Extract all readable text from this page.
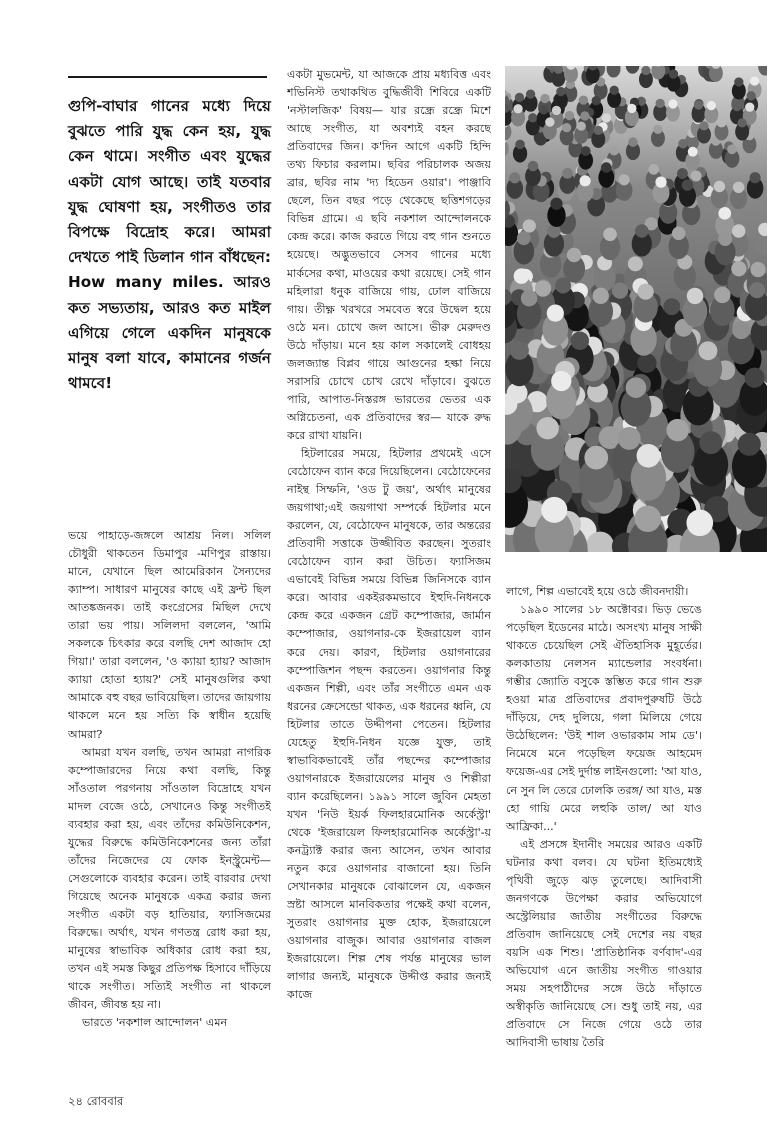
গুপি-বাঘার গানের মধ্যে দিয়ে বুঝতে পারি যুদ্ধ কেন হয়, যুদ্ধ কেন থামে। সংগীত এবং যুদ্ধের একটা যোগ আছে। তাই যতবার যুদ্ধ ঘোষণা হয়, সংগীতও তার বিপক্ষে বিদ্রোহ করে। আমরা দেখতে পাই ডিলান গান বাঁধছেন: How many miles. আরও কত সভ্যতায়, আরও কত মাইল এগিয়ে গেলে একদিন মানুষকে মানুষ বলা যাবে, কামানের গর্জন থামবে!

ভয়ে পাহাড়ে-জঙ্গলে আশ্রয় নিল। সলিল চৌধুরী থাকতেন ডিমাপুর -মণিপুর রাস্তায়। মানে, যেখানে ছিল আমেরিকান সৈন্যদের ক্যাম্প। সাধারণ মানুষের কাছে এই ফ্রন্ট ছিল আতঙ্কজনক। তাই কংগ্রেসের মিছিল দেখে তারা ভয় পায়। সলিলদা বললেন, 'আমি সকলকে চিৎকার করে বলছি দেশ আজাদ হো গিয়া।' তারা বললেন, 'ও ক্যায়া হ্যায়? আজাদ ক্যায়া হোতা হ্যায়?' সেই মানুষগুলির কথা আমাকে বহু বছর ভাবিয়েছিল। তাদের জায়গায় থাকলে মনে হয় সত্যি কি স্বাধীন হয়েছি আমরা?

আমরা যখন বলছি, তখন আমরা নাগরিক কম্পোজারদের নিয়ে কথা বলছি, কিন্তু সাঁওতাল পরগনায় সাঁওতাল বিদ্রোহে যখন মাদল বেজে ওঠে, সেখানেও কিন্তু সংগীতই ব্যবহার করা হয়, এবং তাঁদের কমিউনিকেশন, যুদ্ধের বিরুদ্ধে কমিউনিকেশনের জন্য তাঁরা তাঁদের নিজেদের যে ফোক ইনস্ট্রুমেন্ট— সেগুলোকে ব্যবহার করেন। তাই বারবার দেখা গিয়েছে অনেক মানুষকে একত্র করার জন্য সংগীত একটা বড় হাতিয়ার, ফ্যাসিজমের বিরুদ্ধে। অর্থাৎ, যখন গণতন্ত্র রোধ করা হয়, মানুষের স্বাভাবিক অধিকার রোধ করা হয়, তখন এই সমস্ত কিছুর প্রতিপক্ষ হিসাবে দাঁড়িয়ে থাকে সংগীত। সত্যিই সংগীত না থাকলে জীবন, জীবন্ত হয় না।

ভারতে 'নকশাল আন্দোলন' এমন

একটা মুভমেন্ট, যা আজকে প্রায় মধ্যবিত্ত এবং শভিনিস্ট তথাকথিত বুদ্ধিজীবী শিবিরে একটি 'নস্টালজিক' বিষয়— যার রন্ধ্রে রন্ধ্রে মিশে আছে সংগীত, যা অবশ্যই বহন করছে প্রতিবাদের জিন। ক'দিন আগে একটি হিন্দি তথ্য ফিচার করলাম। ছবির পরিচালক অজয় ব্রার, ছবির নাম 'দ্য হিডেন ওয়ার'। পাঞ্জাবি ছেলে, তিন বছর পড়ে থেকেছে ছত্তিশগড়ের বিভিন্ন গ্রামে। এ ছবি নকশাল আন্দোলনকে কেন্দ্র করে। কাজ করতে গিয়ে বহু গান শুনতে হয়েছে। অদ্ভুতভাবে সেসব গানের মধ্যে মার্কসের কথা, মাওয়ের কথা রয়েছে। সেই গান মহিলারা ধনুক বাজিয়ে গায়, ঢোল বাজিয়ে গায়। তীক্ষ্ণ খরখরে সমবেত স্বরে উদ্বেল হয়ে ওঠে মন। চোখে জল আসে। ভীরু মেরুদণ্ড উঠে দাঁড়ায়। মনে হয় কাল সকালেই বোধহয় জলজ্যান্ত বিপ্লব গায়ে আগুনের হল্কা নিয়ে সরাসরি চোখে চোখ রেখে দাঁড়াবে। বুঝতে পারি, আপাত-নিস্তরঙ্গ ভারতের ভেতর এক অগ্নিচেতনা, এক প্রতিবাদের স্বর— যাকে রুদ্ধ করে রাখা যায়নি।

হিটলারের সময়ে, হিটলার প্রথমেই এসে বেঠোফেন ব্যান করে দিয়েছিলেন। বেঠোফেনের নাইন্থ সিম্ফনি, 'ওড টু জয়', অর্থাৎ মানুষের জয়গাথা;এই জয়গাথা সম্পর্কে হিটলার মনে করলেন, যে, বেঠোফেন মানুষকে, তার অন্তরের প্রতিবাদী সত্তাকে উজ্জীবিত করছেন। সুতরাং বেঠোফেন ব্যান করা উচিত। ফ্যাসিজম এভাবেই বিভিন্ন সময়ে বিভিন্ন জিনিসকে ব্যান করে। আবার একইরকমভাবে ইহুদি-নিধনকে কেন্দ্র করে একজন গ্রেট কম্পোজার, জার্মান কম্পোজার, ওয়াগনার-কে ইজরায়েল ব্যান করে দেয়। কারণ, হিটলার ওয়াগনারের কম্পোজিশন পছন্দ করতেন। ওয়াগনার কিন্তু একজন শিল্পী, এবং তাঁর সংগীতে এমন এক ধরনের ক্রেসেন্ডো থাকত, এক ধরনের ধ্বনি, যে হিটলার তাতে উদ্দীপনা পেতেন। হিটলার যেহেতু ইহুদি-নিধন যজ্ঞে যুক্ত, তাই স্বাভাবিকভাবেই তাঁর পছন্দের কম্পোজার ওয়াগনারকে ইজরায়েলের মানুষ ও শিল্পীরা ব্যান করেছিলেন। ১৯৯১ সালে জুবিন মেহতা যখন 'নিউ ইয়র্ক ফিলহারমোনিক অর্কেস্ট্রা' থেকে 'ইজরায়েল ফিলহারমোনিক অর্কেস্ট্রা'-য় কনট্র্যাক্ট করার জন্য আসেন, তখন আবার নতুন করে ওয়াগনার বাজানো হয়। তিনি সেখানকার মানুষকে বোঝালেন যে, একজন স্রষ্টা আসলে মানবিকতার পক্ষেই কথা বলেন, সুতরাং ওয়াগনার মুক্ত হোক, ইজরায়েলে ওয়াগনার বাজুক। আবার ওয়াগনার বাজল ইজরায়েলে। শিল্প শেষ পর্যন্ত মানুষের ভাল লাগার জন্যই, মানুষকে উদ্দীপ্ত করার জন্যই কাজে

লাগে, শিল্প এভাবেই হয়ে ওঠে জীবনদায়ী।

১৯৯০ সালের ১৮ অক্টোবর। ভিড় ভেঙে পড়েছিল ইডেনের মাঠে। অসংখ্য মানুষ সাক্ষী থাকতে চেয়েছিল সেই ঐতিহাসিক মুহূর্তের। কলকাতায় নেলসন ম্যান্ডেলার সংবর্ধনা। গম্ভীর জ্যোতি বসুকে স্তম্ভিত করে গান শুরু হওয়া মাত্র প্রতিবাদের প্রবাদপুরুষটি উঠে দাঁড়িয়ে, দেহ দুলিয়ে, গলা মিলিয়ে গেয়ে উঠেছিলেন: 'উই শাল ওভারকাম সাম ডে'। নিমেষে মনে পড়েছিল ফয়েজ আহমেদ ফয়েজ-এর সেই দুর্দান্ত লাইনগুলো: 'আ যাও, নে সুন লি তেরে ঢোলকি তরঙ্গ/ আ যাও, মস্ত হো গায়ি মেরে লহুকি তাল/ আ যাও আফ্রিকা...'

এই প্রসঙ্গে ইদানীং সময়ের আরও একটি ঘটনার কথা বলব। যে ঘটনা ইতিমধ্যেই পৃথিবী জুড়ে ঝড় তুলেছে। আদিবাসী জনগণকে উপেক্ষা করার অভিযোগে অস্ট্রেলিয়ার জাতীয় সংগীতের বিরুদ্ধে প্রতিবাদ জানিয়েছে সেই দেশের নয় বছর বয়সি এক শিশু। 'প্রাতিষ্ঠানিক বর্ণবাদ'-এর অভিযোগ এনে জাতীয় সংগীত গাওয়ার সময় সহপাঠীদের সঙ্গে উঠে দাঁড়াতে অস্বীকৃতি জানিয়েছে সে। শুধু তাই নয়, এর প্রতিবাদে সে নিজে গেয়ে ওঠে তার আদিবাসী ভাষায় তৈরি

২৪ রোববার
